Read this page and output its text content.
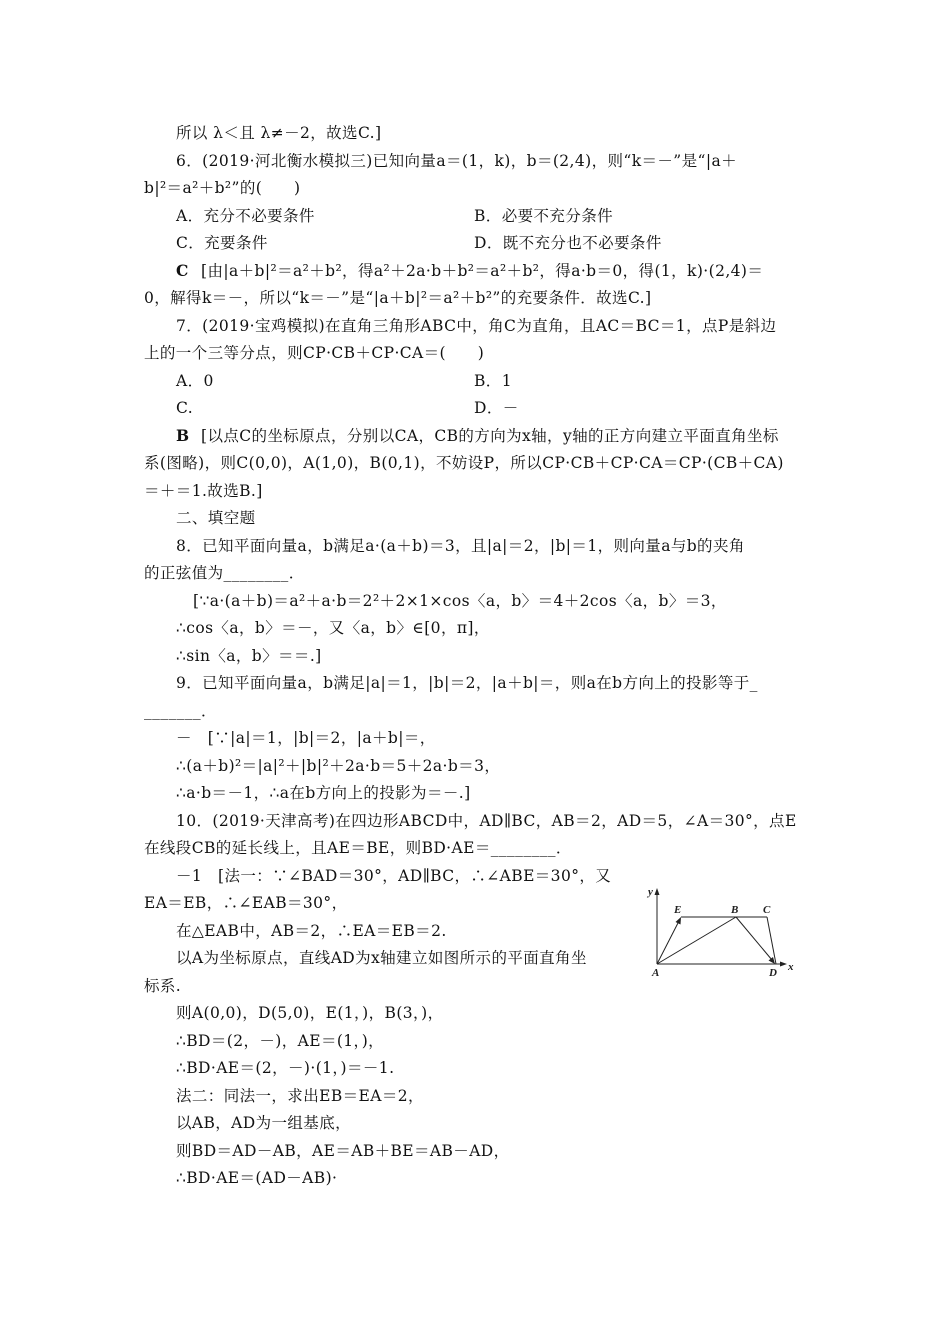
所以 λ＜且 λ≠－2，故选C.]
6．(2019·河北衡水模拟三)已知向量a＝(1，k)，b＝(2,4)，则“k＝－”是“|a＋
b|²＝a²＋b²”的(　　)
A．充分不必要条件	B．必要不充分条件
C．充要条件	D．既不充分也不必要条件
C [由|a＋b|²＝a²＋b²，得a²＋2a·b＋b²＝a²＋b²，得a·b＝0，得(1，k)·(2,4)＝
0，解得k＝－，所以“k＝－”是“|a＋b|²＝a²＋b²”的充要条件．故选C.]
7．(2019·宝鸡模拟)在直角三角形ABC中，角C为直角，且AC＝BC＝1，点P是斜边
上的一个三等分点，则CP·CB＋CP·CA＝(　　)
A．0	B．1
C.	D．－
B [以点C的坐标原点，分别以CA，CB的方向为x轴，y轴的正方向建立平面直角坐标
系(图略)，则C(0,0)，A(1,0)，B(0,1)，不妨设P，所以CP·CB＋CP·CA＝CP·(CB＋CA)
＝＋＝1.故选B.]
二、填空题
8．已知平面向量a，b满足a·(a＋b)＝3，且|a|＝2，|b|＝1，则向量a与b的夹角
的正弦值为________．
[∵a·(a＋b)＝a²＋a·b＝2²＋2×1×cos〈a，b〉＝4＋2cos〈a，b〉＝3，
∴cos〈a，b〉＝－，又〈a，b〉∈[0，π]，
∴sin〈a，b〉＝＝.]
9．已知平面向量a，b满足|a|＝1，|b|＝2，|a＋b|＝，则a在b方向上的投影等于_
_______．
－　[∵|a|＝1，|b|＝2，|a＋b|＝，
∴(a＋b)²＝|a|²＋|b|²＋2a·b＝5＋2a·b＝3，
∴a·b＝－1，∴a在b方向上的投影为＝－.]
10．(2019·天津高考)在四边形ABCD中，AD∥BC，AB＝2，AD＝5，∠A＝30°，点E
在线段CB的延长线上，且AE＝BE，则BD·AE＝________．
－1　[法一：∵∠BAD＝30°，AD∥BC，∴∠ABE＝30°，又
EA＝EB，∴∠EAB＝30°，
在△EAB中，AB＝2，∴EA＝EB＝2.
以A为坐标原点，直线AD为x轴建立如图所示的平面直角坐
标系.
则A(0,0)，D(5,0)，E(1，)，B(3，)，
∴BD＝(2，－)，AE＝(1，)，
∴BD·AE＝(2，－)·(1，)＝－1.
法二：同法一，求出EB＝EA＝2，
以AB，AD为一组基底，
则BD＝AD－AB，AE＝AB＋BE＝AB－AD，
∴BD·AE＝(AD－AB)·
y
x
E	B C
A	D
